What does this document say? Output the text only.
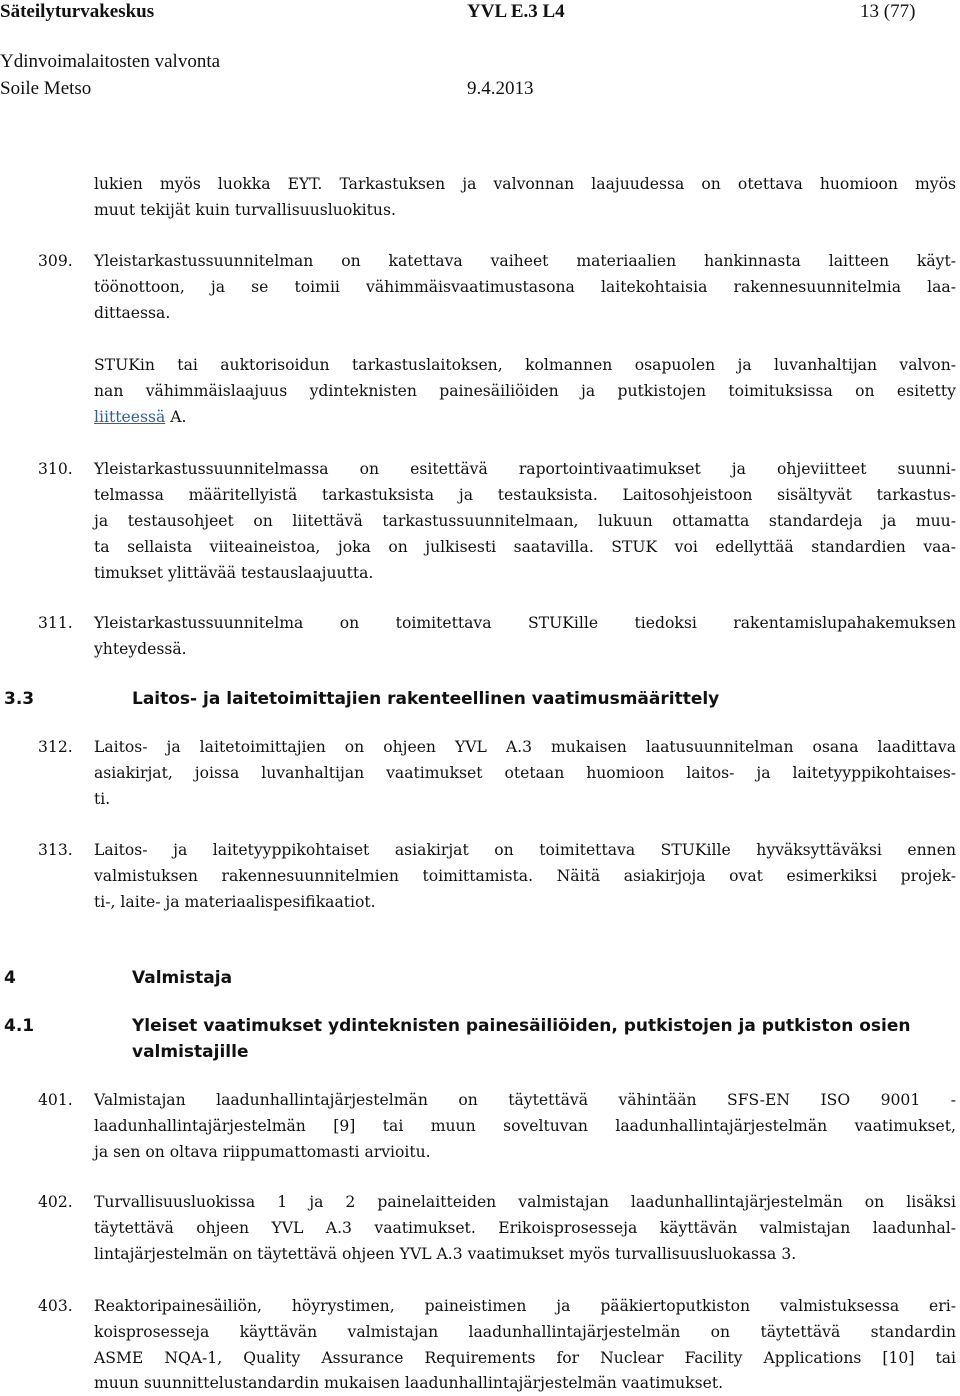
Säteilyturvakeskus	YVL E.3 L4	13 (77)
Ydinvoimalaitosten valvonta
Soile Metso	9.4.2013
lukien myös luokka EYT. Tarkastuksen ja valvonnan laajuudessa on otettava huomioon myös
muut tekijät kuin turvallisuusluokitus.
309. Yleistarkastussuunnitelman on katettava vaiheet materiaalien hankinnasta laitteen käyt-
töönottoon, ja se toimii vähimmäisvaatimustasona laitekohtaisia rakennesuunnitelmia laa-
dittaessa.
STUKin tai auktorisoidun tarkastuslaitoksen, kolmannen osapuolen ja luvanhaltijan valvon-
nan vähimmäislaajuus ydinteknisten painesäiliöiden ja putkistojen toimituksissa on esitetty
liitteessä A.
310. Yleistarkastussuunnitelmassa on esitettävä raportointivaatimukset ja ohjeviitteet suunni-
telmassa määritellyistä tarkastuksista ja testauksista. Laitosohjeistoon sisältyvät tarkastus-
ja testausohjeet on liitettävä tarkastussuunnitelmaan, lukuun ottamatta standardeja ja muu-
ta sellaista viiteaineistoa, joka on julkisesti saatavilla. STUK voi edellyttää standardien vaa-
timukset ylittävää testauslaajuutta.
311. Yleistarkastussuunnitelma on toimitettava STUKille tiedoksi rakentamislupahakemuksen
yhteydessä.
3.3	Laitos- ja laitetoimittajien rakenteellinen vaatimusmäärittely
312. Laitos- ja laitetoimittajien on ohjeen YVL A.3 mukaisen laatusuunnitelman osana laadittava
asiakirjat, joissa luvanhaltijan vaatimukset otetaan huomioon laitos- ja laitetyyppikohtaises-
ti.
313. Laitos- ja laitetyyppikohtaiset asiakirjat on toimitettava STUKille hyväksyttäväksi ennen
valmistuksen rakennesuunnitelmien toimittamista. Näitä asiakirjoja ovat esimerkiksi projek-
ti-, laite- ja materiaalispesifikaatiot.
4	Valmistaja
4.1	Yleiset vaatimukset ydinteknisten painesäiliöiden, putkistojen ja putkiston osien
valmistajille
401. Valmistajan laadunhallintajärjestelmän on täytettävä vähintään SFS-EN ISO 9001 -
laadunhallintajärjestelmän [9] tai muun soveltuvan laadunhallintajärjestelmän vaatimukset,
ja sen on oltava riippumattomasti arvioitu.
402. Turvallisuusluokissa 1 ja 2 painelaitteiden valmistajan laadunhallintajärjestelmän on lisäksi
täytettävä ohjeen YVL A.3 vaatimukset. Erikoisprosesseja käyttävän valmistajan laadunhal-
lintajärjestelmän on täytettävä ohjeen YVL A.3 vaatimukset myös turvallisuusluokassa 3.
403. Reaktoripainesäiliön, höyrystimen, paineistimen ja pääkiertoputkiston valmistuksessa eri-
koisprosesseja käyttävän valmistajan laadunhallintajärjestelmän on täytettävä standardin
ASME NQA-1, Quality Assurance Requirements for Nuclear Facility Applications [10] tai
muun suunnittelustandardin mukaisen laadunhallintajärjestelmän vaatimukset.
